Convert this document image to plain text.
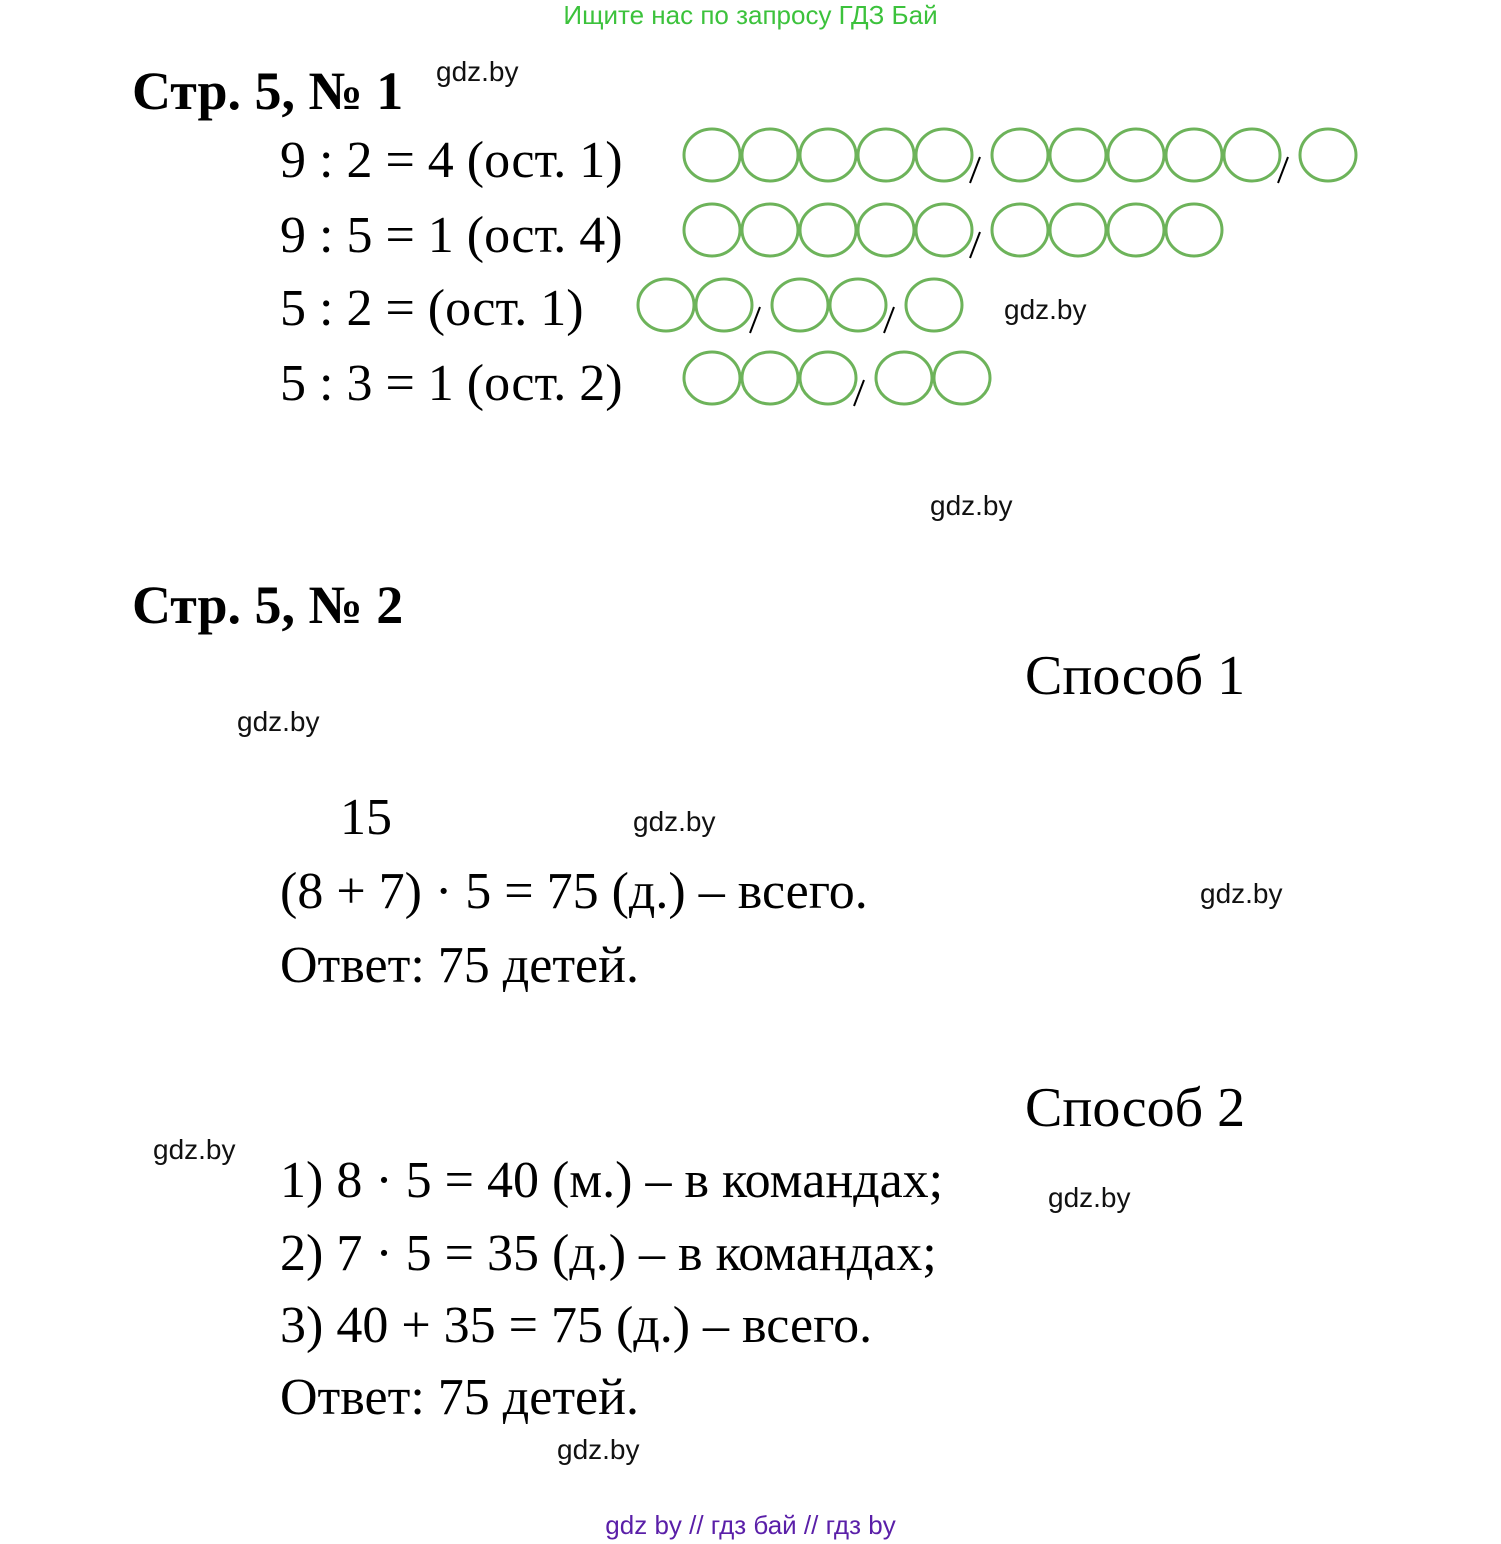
Ищите нас по запросу ГДЗ Бай
Стр. 5, № 1 gdz.by
9 : 2 = 4 (ост. 1)
9 : 5 = 1 (ост. 4)
5 : 2 = (ост. 1)	gdz.by
5 : 3 = 1 (ост. 2)
gdz.by
Стр. 5, № 2
Способ 1
gdz.by
15	gdz.by
(8 + 7) · 5 = 75 (д.) – всего.	gdz.by
Ответ: 75 детей.
Способ 2
gdz.by
1) 8 · 5 = 40 (м.) – в командах;	gdz.by
2) 7 · 5 = 35 (д.) – в командах;
3) 40 + 35 = 75 (д.) – всего.
Ответ: 75 детей.
gdz.by
gdz by // гдз бай // гдз by
